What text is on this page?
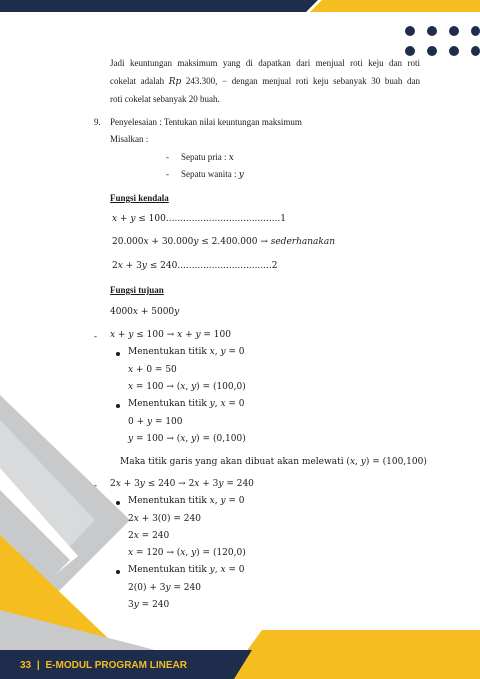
Jadi keuntungan maksimum yang di dapatkan dari menjual roti keju dan roti
cokelat adalah 𝑅𝑝 243.300, − dengan menjual roti keju sebanyak 30 buah dan
roti cokelat sebanyak 20 buah.
9. Penyelesaian : Tentukan nilai keuntungan maksimum
Misalkan :
- Sepatu pria : 𝑥
- Sepatu wanita : 𝑦
Fungsi kendala
𝑥 + 𝑦 ≤ 100........................................1
20.000𝑥 + 30.000𝑦 ≤ 2.400.000 → 𝑠𝑒𝑑𝑒𝑟ℎ𝑎𝑛𝑎𝑘𝑎𝑛
2𝑥 + 3𝑦 ≤ 240.................................2
Fungsi tujuan
4000𝑥 + 5000𝑦
- 𝑥 + 𝑦 ≤ 100 → 𝑥 + 𝑦 = 100
Menentukan titik 𝑥, 𝑦 = 0
𝑥 + 0 = 50
𝑥 = 100 → (𝑥, 𝑦) = (100,0)
Menentukan titik 𝑦, 𝑥 = 0
0 + 𝑦 = 100
𝑦 = 100 → (𝑥, 𝑦) = (0,100)
Maka titik garis yang akan dibuat akan melewati (𝑥, 𝑦) = (100,100)
- 2𝑥 + 3𝑦 ≤ 240 → 2𝑥 + 3𝑦 = 240
Menentukan titik 𝑥, 𝑦 = 0
2𝑥 + 3(0) = 240
2𝑥 = 240
𝑥 = 120 → (𝑥, 𝑦) = (120,0)
Menentukan titik 𝑦, 𝑥 = 0
2(0) + 3𝑦 = 240
3𝑦 = 240
33 | E-MODUL PROGRAM LINEAR
